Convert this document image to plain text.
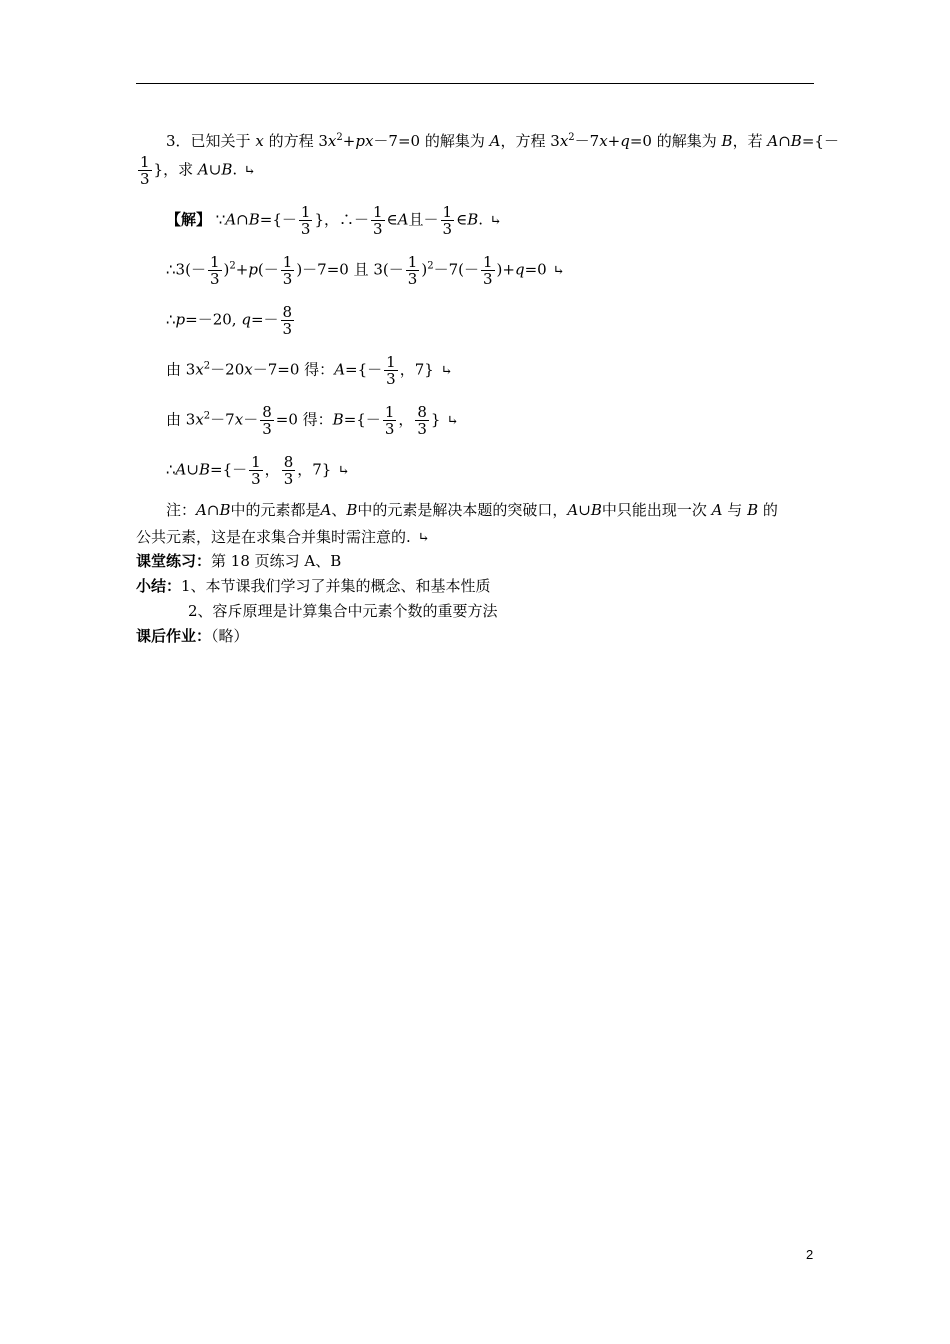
3．已知关于 x 的方程 $3x^2+px-7=0$ 的解集为 A，方程 $3x^2-7x+q=0$ 的解集为 B，若 A∩B={－
$\frac{1}{3}$ }，求 A∪B. ↵
【解】 ∵A∩B={－ $\frac{1}{3}$ }，∴－ $\frac{1}{3}$ ∈A且－ $\frac{1}{3}$ ∈B. ↵
∴3(－ $\frac{1}{3} )^2+p(- \frac{1}{3} )-7=0$ 且 $3(- \frac{1}{3} )^2-7(- \frac{1}{3} )+q=0$ ↵
∴p=－20, $q=- \frac{8}{3}$
由 $3x^2-20x-7=0$ 得：$A=\{- \frac{1}{3}$ ，7} ↵
由 $3x^2-7x- \frac{8}{3} =0$ 得：$B=\{- \frac{1}{3}$ ， $\frac{8}{3}$ } ↵
∴A∪B={－ $\frac{1}{3}$ ， $\frac{8}{3}$ ，7} ↵
注：A∩B中的元素都是A、B中的元素是解决本题的突破口，A∪B中只能出现一次 A 与 B 的
公共元素，这是在求集合并集时需注意的. ↵
课堂练习：第 18 页练习 A、B
小结：1、本节课我们学习了并集的概念、和基本性质
2、容斥原理是计算集合中元素个数的重要方法
课后作业：（略）
2
